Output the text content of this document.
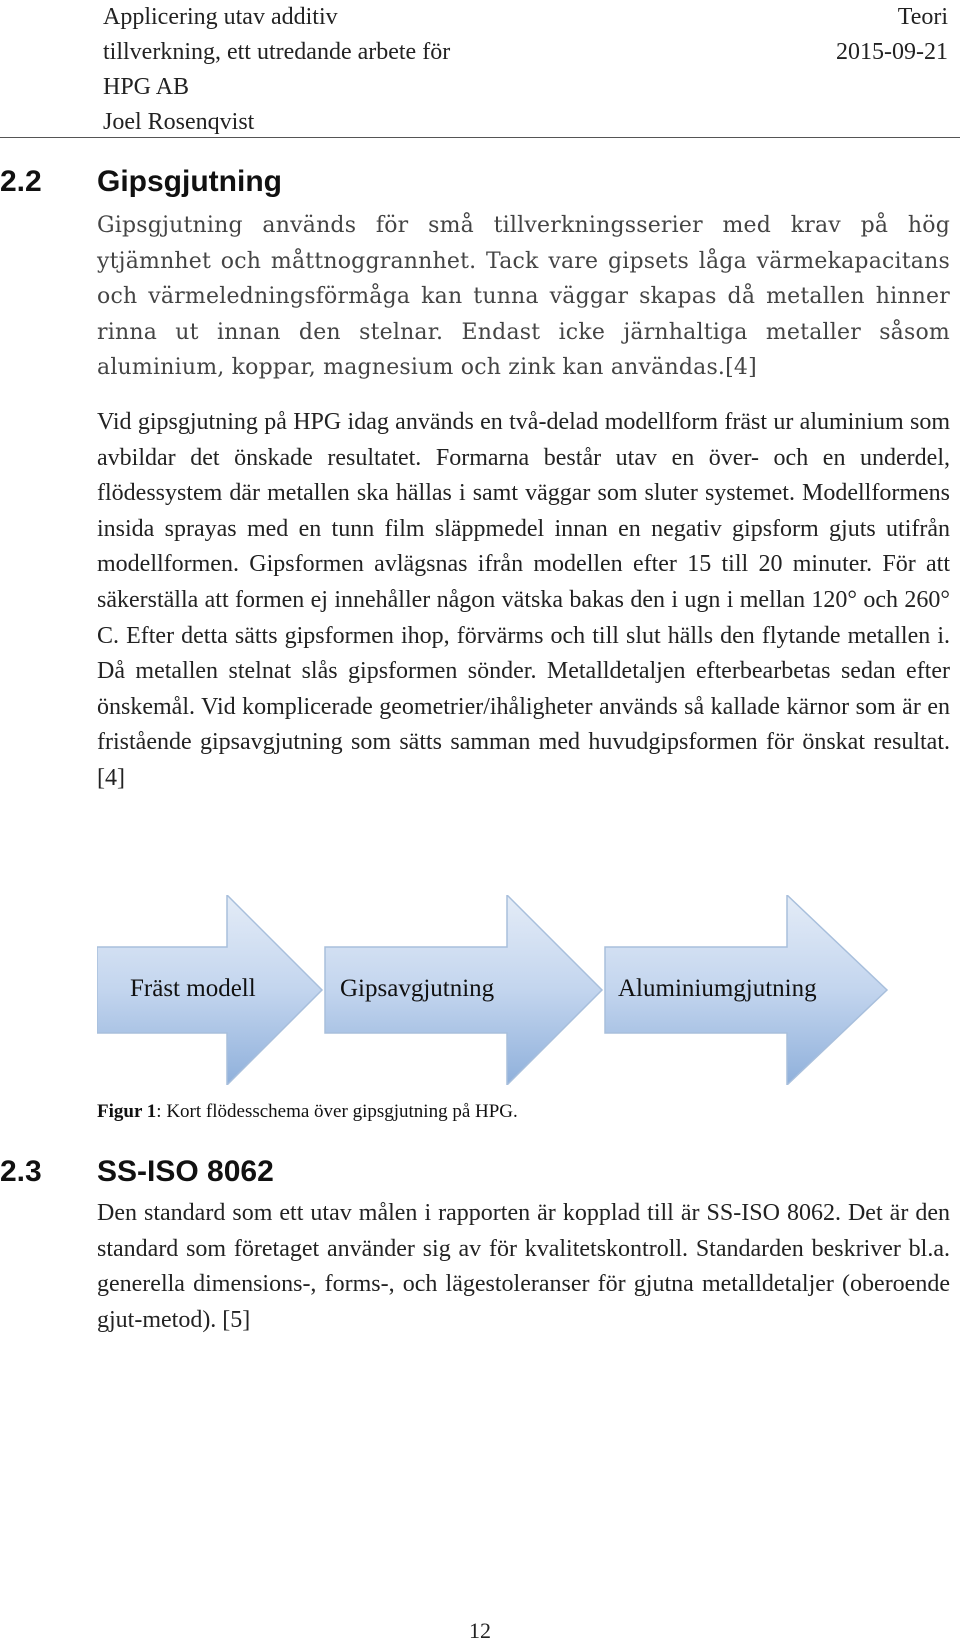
Applicering utav additiv
tillverkning, ett utredande arbete för
HPG AB
Joel Rosenqvist
Teori
2015-09-21
2.2 Gipsgjutning

Gipsgjutning används för små tillverkningsserier med krav på hög ytjämnhet och måttnoggrannhet. Tack vare gipsets låga värmekapacitans och värmeledningsförmåga kan tunna väggar skapas då metallen hinner rinna ut innan den stelnar. Endast icke järnhaltiga metaller såsom aluminium, koppar, magnesium och zink kan användas.[4]

Vid gipsgjutning på HPG idag används en två-delad modellform fräst ur aluminium som avbildar det önskade resultatet. Formarna består utav en över- och en underdel, flödessystem där metallen ska hällas i samt väggar som sluter systemet. Modellformens insida sprayas med en tunn film släppmedel innan en negativ gipsform gjuts utifrån modellformen. Gipsformen avlägsnas ifrån modellen efter 15 till 20 minuter. För att säkerställa att formen ej innehåller någon vätska bakas den i ugn i mellan 120° och 260° C. Efter detta sätts gipsformen ihop, förvärms och till slut hälls den flytande metallen i. Då metallen stelnat slås gipsformen sönder. Metalldetaljen efterbearbetas sedan efter önskemål. Vid komplicerade geometrier/ihåligheter används så kallade kärnor som är en fristående gipsavgjutning som sätts samman med huvudgipsformen för önskat resultat.[4]

Fräst modell	Gipsavgjutning	Aluminiumgjutning
Figur 1: Kort flödesschema över gipsgjutning på HPG.
2.3 SS-ISO 8062

Den standard som ett utav målen i rapporten är kopplad till är SS-ISO 8062. Det är den standard som företaget använder sig av för kvalitetskontroll. Standarden beskriver bl.a. generella dimensions-, forms-, och lägestoleranser för gjutna metalldetaljer (oberoende gjut-metod). [5]

12
